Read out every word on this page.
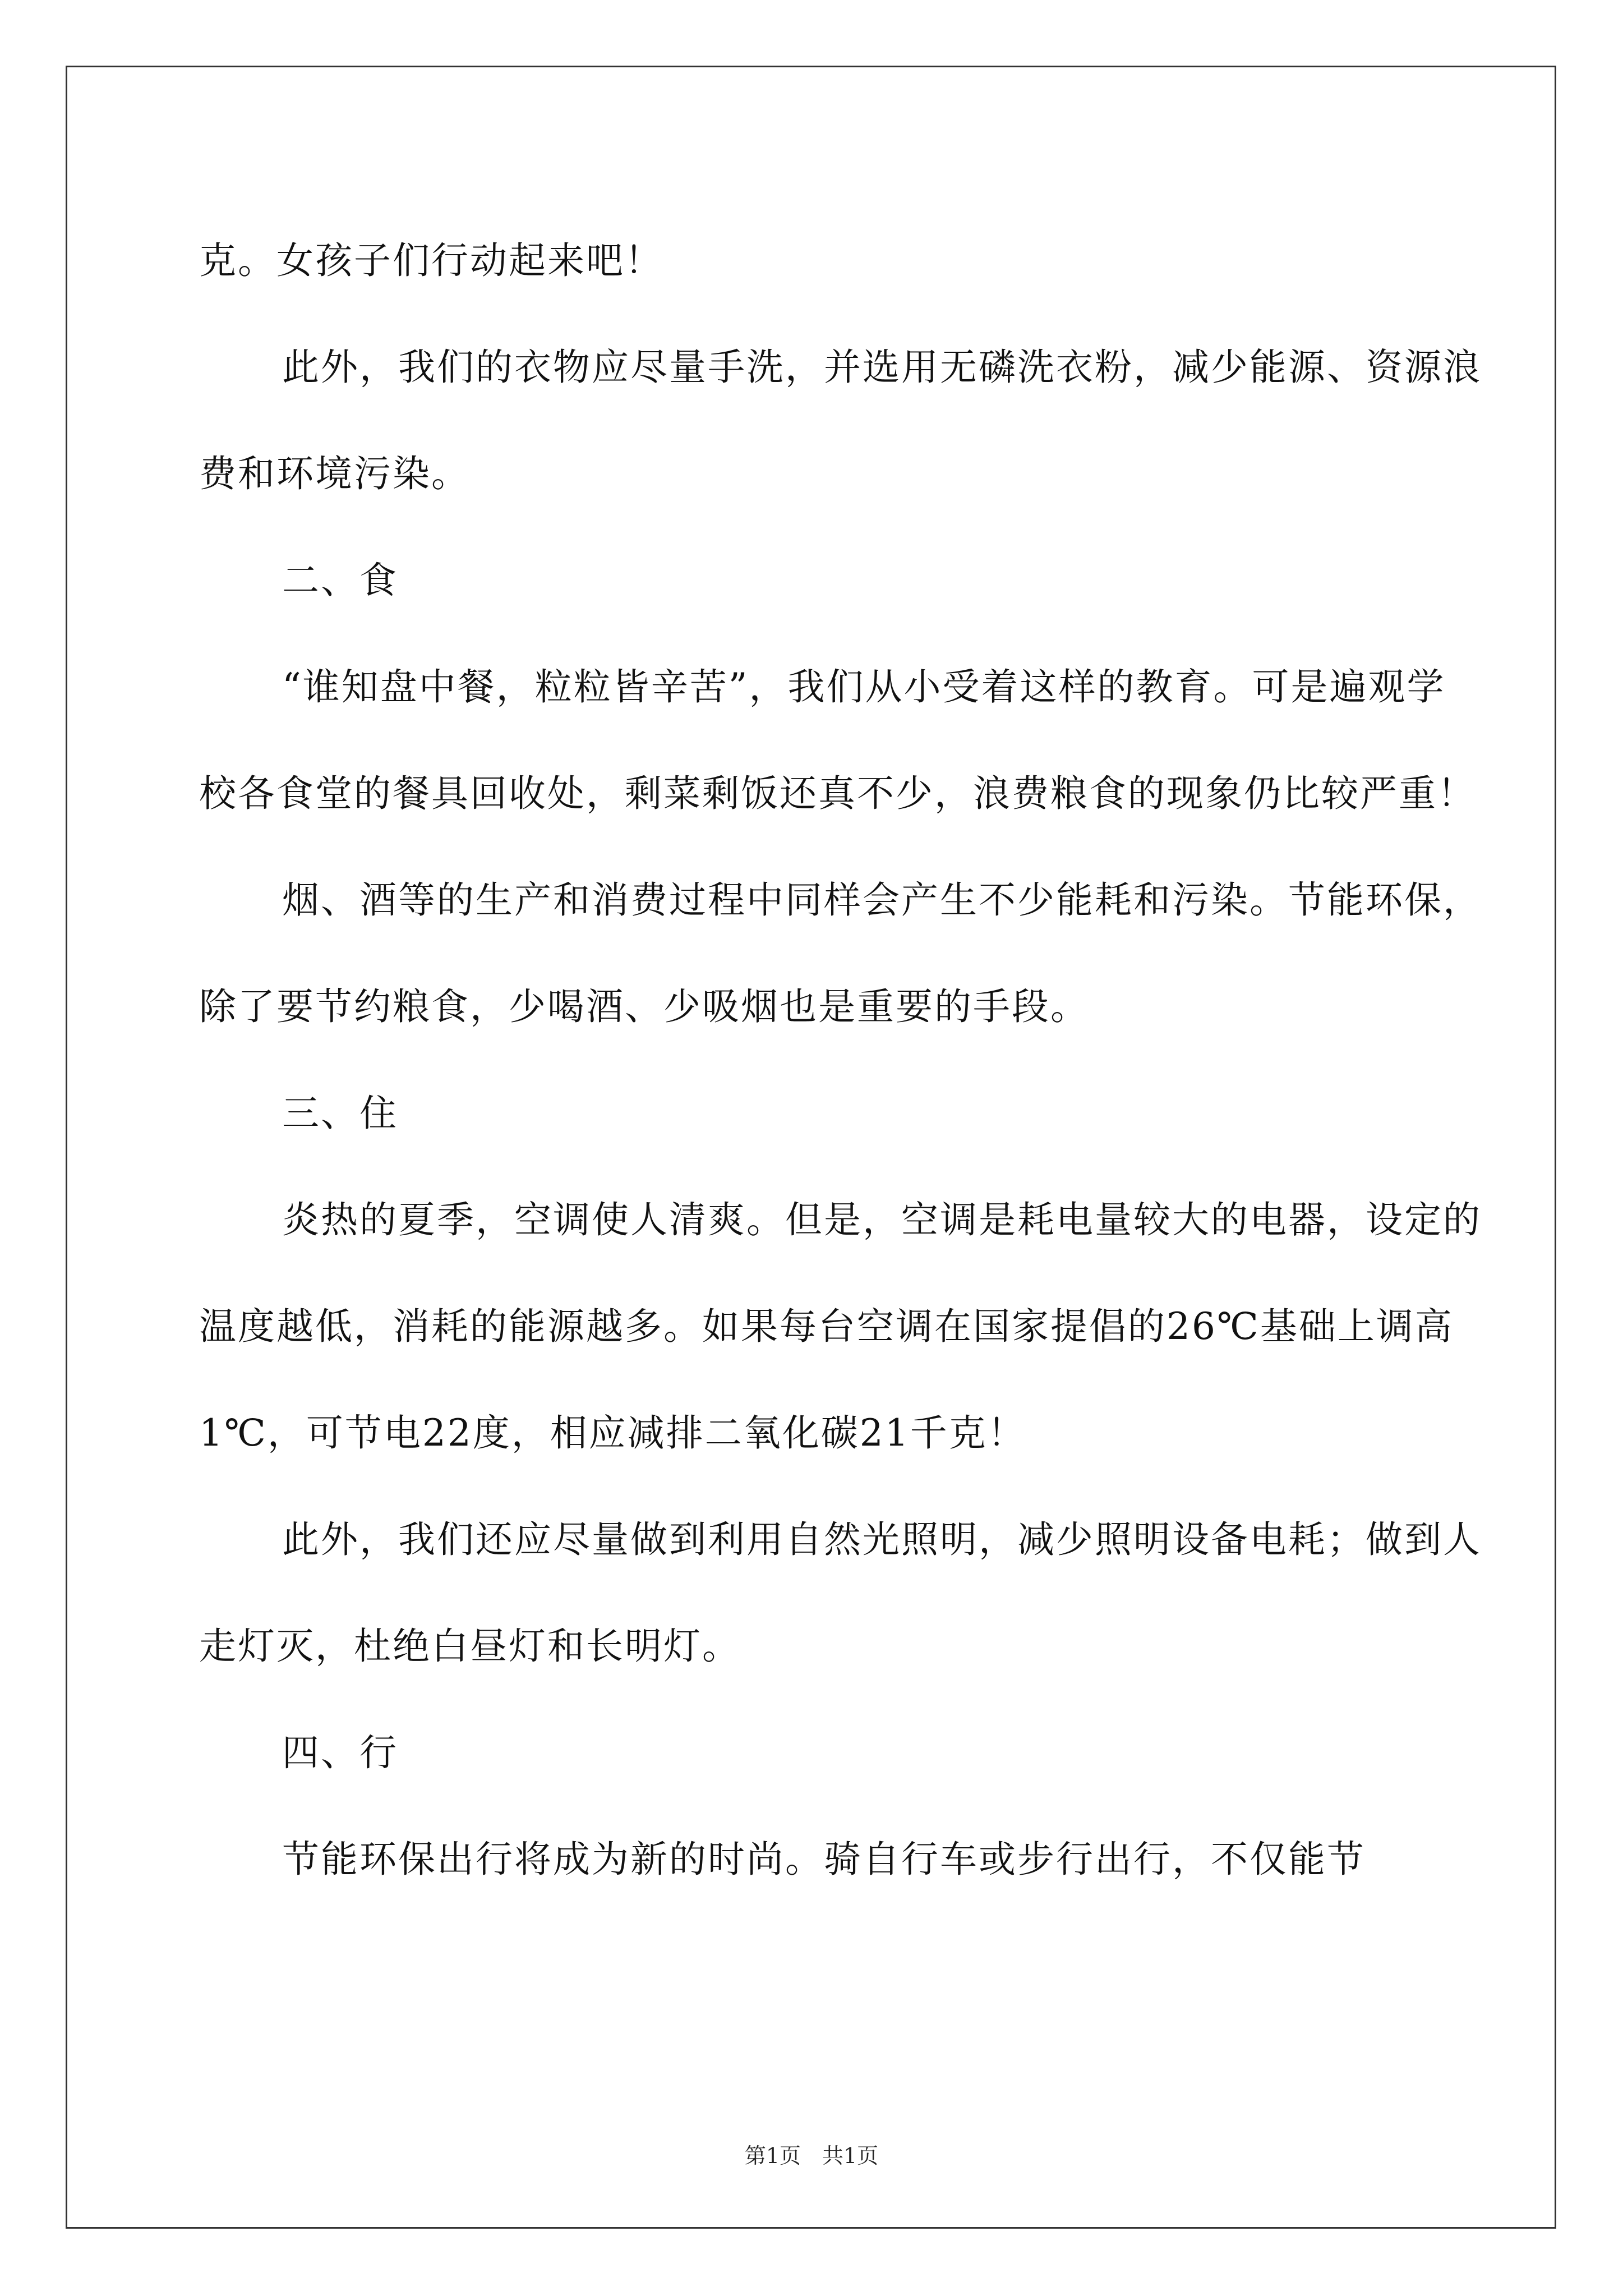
克。女孩子们行动起来吧！

此外，我们的衣物应尽量手洗，并选用无磷洗衣粉，减少能源、资源浪费和环境污染。

二、食

“谁知盘中餐，粒粒皆辛苦”，我们从小受着这样的教育。可是遍观学校各食堂的餐具回收处，剩菜剩饭还真不少，浪费粮食的现象仍比较严重！

烟、酒等的生产和消费过程中同样会产生不少能耗和污染。节能环保，除了要节约粮食，少喝酒、少吸烟也是重要的手段。

三、住

炎热的夏季，空调使人清爽。但是，空调是耗电量较大的电器，设定的温度越低，消耗的能源越多。如果每台空调在国家提倡的26℃基础上调高1℃，可节电22度，相应减排二氧化碳21千克！

此外，我们还应尽量做到利用自然光照明，减少照明设备电耗；做到人走灯灭，杜绝白昼灯和长明灯。

四、行

节能环保出行将成为新的时尚。骑自行车或步行出行，不仅能节

第1页　共1页
